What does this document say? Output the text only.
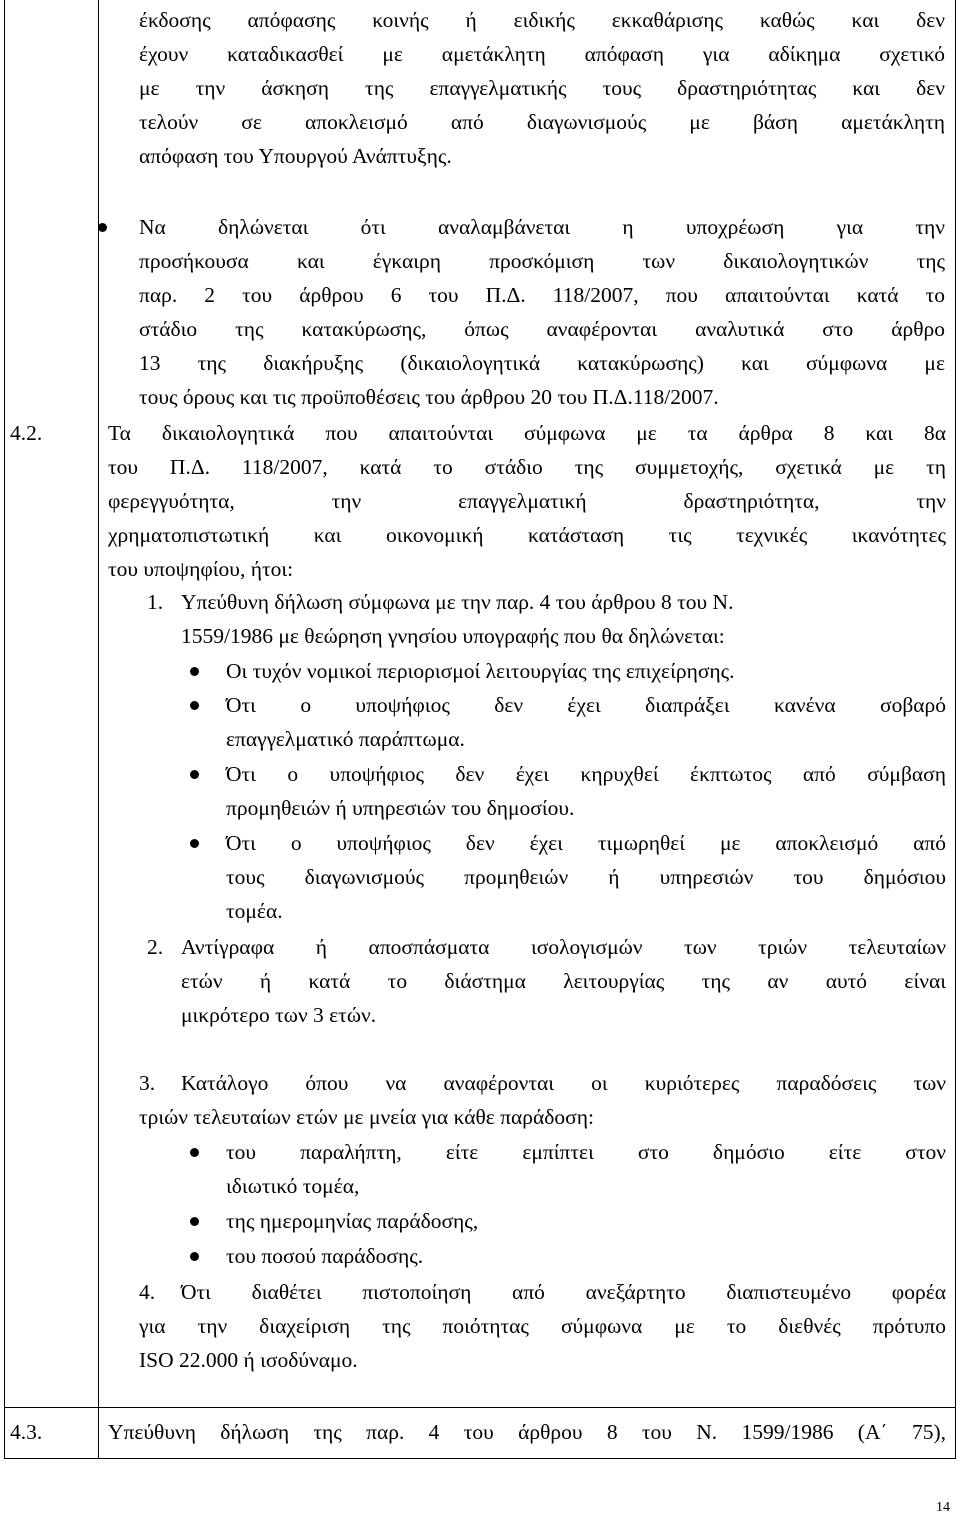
έκδοσης απόφασης κοινής ή ειδικής εκκαθάρισης καθώς και δεν
έχουν καταδικασθεί με αμετάκλητη απόφαση για αδίκημα σχετικό
με την άσκηση της επαγγελματικής τους δραστηριότητας και δεν
τελούν σε αποκλεισμό από διαγωνισμούς με βάση αμετάκλητη
απόφαση του Υπουργού Ανάπτυξης.
Να δηλώνεται ότι αναλαμβάνεται η υποχρέωση για την
προσήκουσα και έγκαιρη προσκόμιση των δικαιολογητικών της
παρ. 2 του άρθρου 6 του Π.Δ. 118/2007, που απαιτούνται κατά το
στάδιο της κατακύρωσης, όπως αναφέρονται αναλυτικά στο άρθρο
13 της διακήρυξης (δικαιολογητικά κατακύρωσης) και σύμφωνα με
τους όρους και τις προϋποθέσεις του άρθρου 20 του Π.Δ.118/2007.
4.2.	Τα δικαιολογητικά που απαιτούνται σύμφωνα με τα άρθρα 8 και 8α
του Π.Δ. 118/2007, κατά το στάδιο της συμμετοχής, σχετικά με τη
φερεγγυότητα, την επαγγελματική δραστηριότητα, την
χρηματοπιστωτική και οικονομική κατάσταση τις τεχνικές ικανότητες
του υποψηφίου, ήτοι:
1. Υπεύθυνη δήλωση σύμφωνα με την παρ. 4 του άρθρου 8 του Ν.
1559/1986 με θεώρηση γνησίου υπογραφής που θα δηλώνεται:
Οι τυχόν νομικοί περιορισμοί λειτουργίας της επιχείρησης.
Ότι ο υποψήφιος δεν έχει διαπράξει κανένα σοβαρό
επαγγελματικό παράπτωμα.
Ότι ο υποψήφιος δεν έχει κηρυχθεί έκπτωτος από σύμβαση
προμηθειών ή υπηρεσιών του δημοσίου.
Ότι ο υποψήφιος δεν έχει τιμωρηθεί με αποκλεισμό από
τους διαγωνισμούς προμηθειών ή υπηρεσιών του δημόσιου
τομέα.
2. Αντίγραφα ή αποσπάσματα ισολογισμών των τριών τελευταίων
ετών ή κατά το διάστημα λειτουργίας της αν αυτό είναι
μικρότερο των 3 ετών.
3. Κατάλογο όπου να αναφέρονται οι κυριότερες παραδόσεις των
τριών τελευταίων ετών με μνεία για κάθε παράδοση:
του παραλήπτη, είτε εμπίπτει στο δημόσιο είτε στον
ιδιωτικό τομέα,
της ημερομηνίας παράδοσης,
του ποσού παράδοσης.
4. Ότι διαθέτει πιστοποίηση από ανεξάρτητο διαπιστευμένο φορέα
για την διαχείριση της ποιότητας σύμφωνα με το διεθνές πρότυπο
ISO 22.000 ή ισοδύναμο.
4.3.	Υπεύθυνη δήλωση της παρ. 4 του άρθρου 8 του Ν. 1599/1986 (Α΄ 75),
14
